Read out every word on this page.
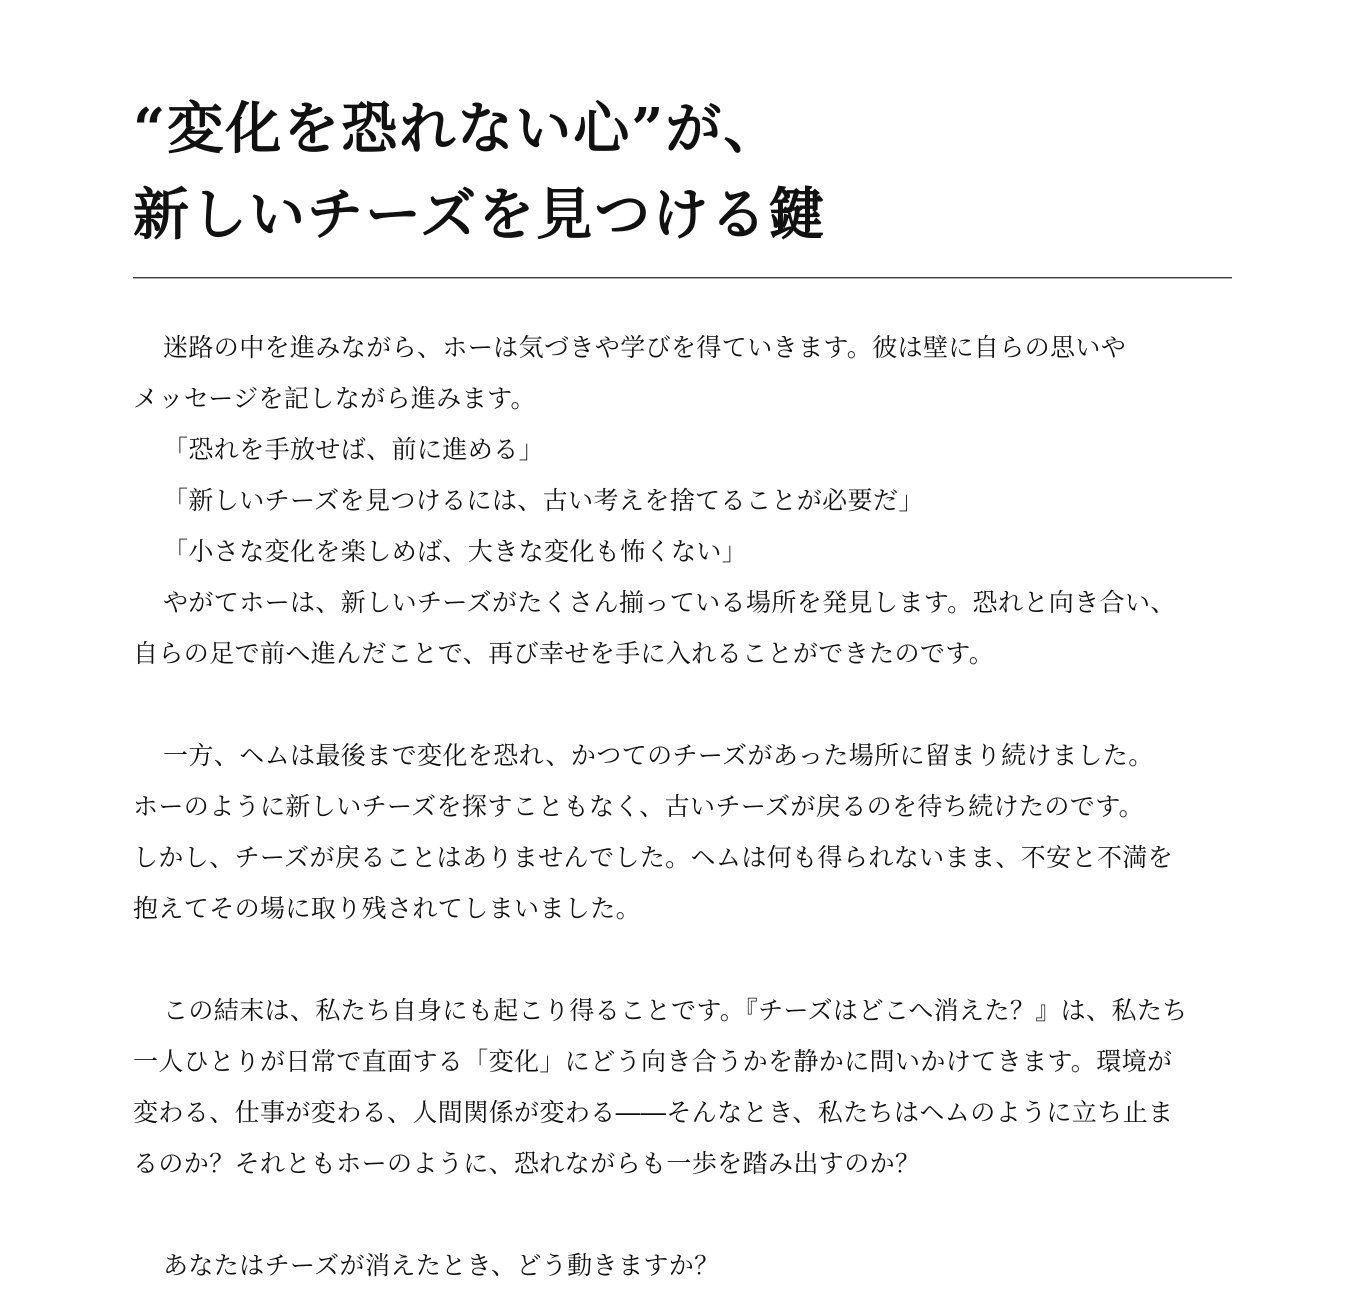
“変化を恐れない心”が、
新しいチーズを見つける鍵

迷路の中を進みながら、ホーは気づきや学びを得ていきます。彼は壁に自らの思いや
メッセージを記しながら進みます。
「恐れを手放せば、前に進める」
「新しいチーズを見つけるには、古い考えを捨てることが必要だ」
「小さな変化を楽しめば、大きな変化も怖くない」
やがてホーは、新しいチーズがたくさん揃っている場所を発見します。恐れと向き合い、
自らの足で前へ進んだことで、再び幸せを手に入れることができたのです。

一方、ヘムは最後まで変化を恐れ、かつてのチーズがあった場所に留まり続けました。
ホーのように新しいチーズを探すこともなく、古いチーズが戻るのを待ち続けたのです。
しかし、チーズが戻ることはありませんでした。ヘムは何も得られないまま、不安と不満を
抱えてその場に取り残されてしまいました。

この結末は、私たち自身にも起こり得ることです。『チーズはどこへ消えた？』は、私たち
一人ひとりが日常で直面する「変化」にどう向き合うかを静かに問いかけてきます。環境が
変わる、仕事が変わる、人間関係が変わる――そんなとき、私たちはヘムのように立ち止ま
るのか？それともホーのように、恐れながらも一歩を踏み出すのか？

あなたはチーズが消えたとき、どう動きますか？
